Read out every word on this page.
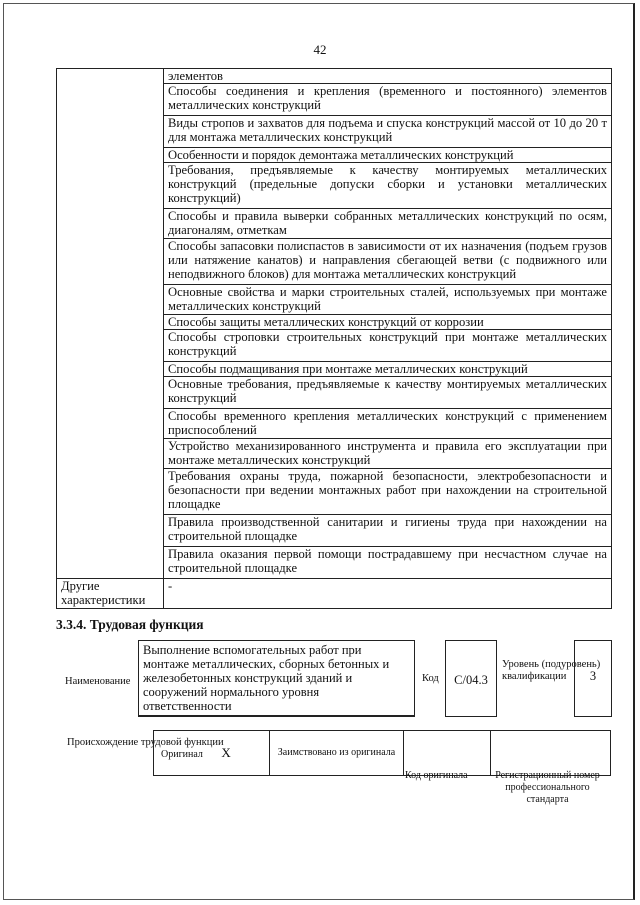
42
	элементов
	Способы соединения и крепления (временного и постоянного) элементов металлических конструкций
	Виды стропов и захватов для подъема и спуска конструкций массой от 10 до 20 т для монтажа металлических конструкций
	Особенности и порядок демонтажа металлических конструкций
	Требования, предъявляемые к качеству монтируемых металлических конструкций (предельные допуски сборки и установки металлических конструкций)
	Способы и правила выверки собранных металлических конструкций по осям, диагоналям, отметкам
	Способы запасовки полиспастов в зависимости от их назначения (подъем грузов или натяжение канатов) и направления сбегающей ветви (с подвижного или неподвижного блоков) для монтажа металлических конструкций
	Основные свойства и марки строительных сталей, используемых при монтаже металлических конструкций
	Способы защиты металлических конструкций от коррозии
	Способы строповки строительных конструкций при монтаже металлических конструкций
	Способы подмащивания при монтаже металлических конструкций
	Основные требования, предъявляемые к качеству монтируемых металлических конструкций
	Способы временного крепления металлических конструкций с применением приспособлений
	Устройство механизированного инструмента и правила его эксплуатации при монтаже металлических конструкций
	Требования охраны труда, пожарной безопасности, электробезопасности и безопасности при ведении монтажных работ при нахождении на строительной площадке
	Правила производственной санитарии и гигиены труда при нахождении на строительной площадке
	Правила оказания первой помощи пострадавшему при несчастном случае на строительной площадке
Другие характеристики	-
3.3.4. Трудовая функция
Наименование
Выполнение вспомогательных работ при монтаже металлических, сборных бетонных и железобетонных конструкций зданий и сооружений нормального уровня ответственности
Код	С/04.3
Уровень (подуровень) квалификации	3
Происхождение трудовой функции
Оригинал X	Заимствовано из оригинала		
Код оригинала	Регистрационный номер профессионального стандарта
